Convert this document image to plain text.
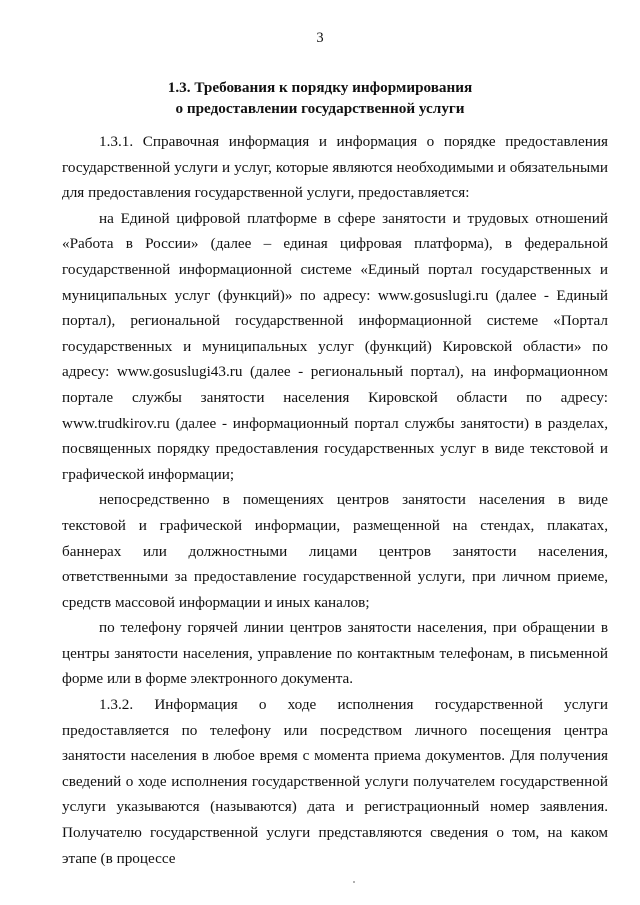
3
1.3. Требования к порядку информирования
о предоставлении государственной услуги

1.3.1. Справочная информация и информация о порядке предоставления государственной услуги и услуг, которые являются необходимыми и обязательными для предоставления государственной услуги, предоставляется:

на Единой цифровой платформе в сфере занятости и трудовых отношений «Работа в России» (далее – единая цифровая платформа), в федеральной государственной информационной системе «Единый портал государственных и муниципальных услуг (функций)» по адресу: www.gosuslugi.ru (далее - Единый портал), региональной государственной информационной системе «Портал государственных и муниципальных услуг (функций) Кировской области» по адресу: www.gosuslugi43.ru (далее - региональный портал), на информационном портале службы занятости населения Кировской области по адресу: www.trudkirov.ru (далее - информационный портал службы занятости) в разделах, посвященных порядку предоставления государственных услуг в виде текстовой и графической информации;

непосредственно в помещениях центров занятости населения в виде текстовой и графической информации, размещенной на стендах, плакатах, баннерах или должностными лицами центров занятости населения, ответственными за предоставление государственной услуги, при личном приеме, средств массовой информации и иных каналов;

по телефону горячей линии центров занятости населения, при обращении в центры занятости населения, управление по контактным телефонам, в письменной форме или в форме электронного документа.

1.3.2. Информация о ходе исполнения государственной услуги предоставляется по телефону или посредством личного посещения центра занятости населения в любое время с момента приема документов. Для получения сведений о ходе исполнения государственной услуги получателем государственной услуги указываются (называются) дата и регистрационный номер заявления. Получателю государственной услуги представляются сведения о том, на каком этапе (в процессе
